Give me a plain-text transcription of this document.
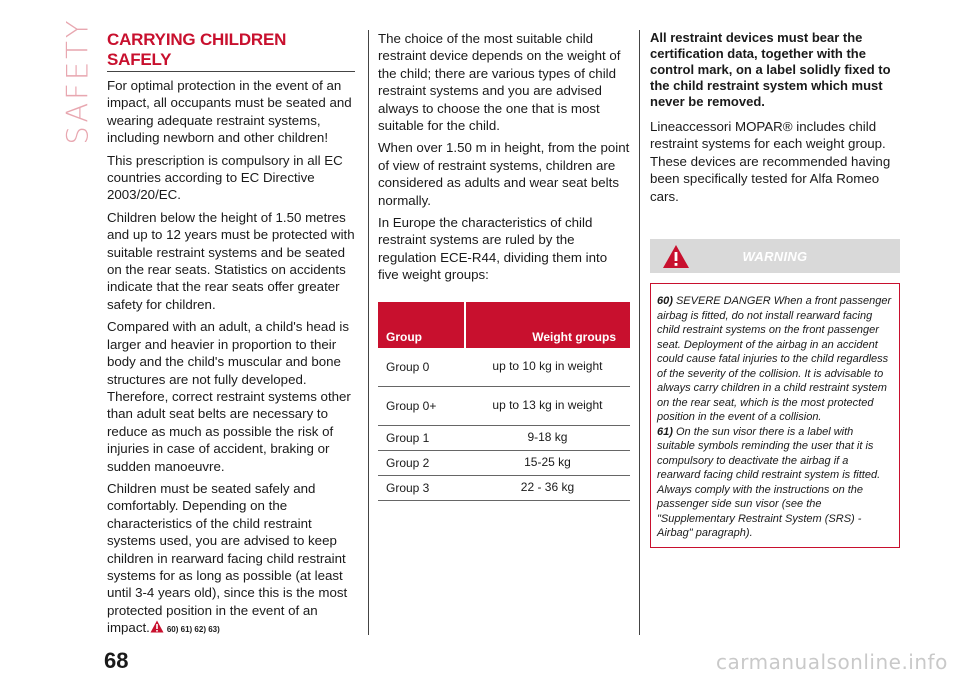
SAFETY CARRYING CHILDREN SAFELY

For optimal protection in the event of an impact, all occupants must be seated and wearing adequate restraint systems, including newborn and other children!

This prescription is compulsory in all EC countries according to EC Directive 2003/20/EC.

Children below the height of 1.50 metres and up to 12 years must be protected with suitable restraint systems and be seated on the rear seats. Statistics on accidents indicate that the rear seats offer greater safety for children.

Compared with an adult, a child's head is larger and heavier in proportion to their body and the child's muscular and bone structures are not fully developed. Therefore, correct restraint systems other than adult seat belts are necessary to reduce as much as possible the risk of injuries in case of accident, braking or sudden manoeuvre.

Children must be seated safely and comfortably. Depending on the characteristics of the child restraint systems used, you are advised to keep children in rearward facing child restraint systems for as long as possible (at least until 3-4 years old), since this is the most protected position in the event of an impact. 60) 61) 62) 63)

The choice of the most suitable child restraint device depends on the weight of the child; there are various types of child restraint systems and you are advised always to choose the one that is most suitable for the child.

When over 1.50 m in height, from the point of view of restraint systems, children are considered as adults and wear seat belts normally.

In Europe the characteristics of child restraint systems are ruled by the regulation ECE-R44, dividing them into five weight groups:

Group	Weight groups
Group 0	up to 10 kg in weight
Group 0+	up to 13 kg in weight
Group 1	9-18 kg
Group 2	15-25 kg
Group 3	22 - 36 kg

All restraint devices must bear the certification data, together with the control mark, on a label solidly fixed to the child restraint system which must never be removed.

Lineaccessori MOPAR® includes child restraint systems for each weight group. These devices are recommended having been specifically tested for Alfa Romeo cars.

WARNING
60) SEVERE DANGER When a front passenger airbag is fitted, do not install rearward facing child restraint systems on the front passenger seat. Deployment of the airbag in an accident could cause fatal injuries to the child regardless of the severity of the collision. It is advisable to always carry children in a child restraint system on the rear seat, which is the most protected position in the event of a collision.
61) On the sun visor there is a label with suitable symbols reminding the user that it is compulsory to deactivate the airbag if a rearward facing child restraint system is fitted. Always comply with the instructions on the passenger side sun visor (see the "Supplementary Restraint System (SRS) - Airbag" paragraph).
68	carmanualsonline.info
